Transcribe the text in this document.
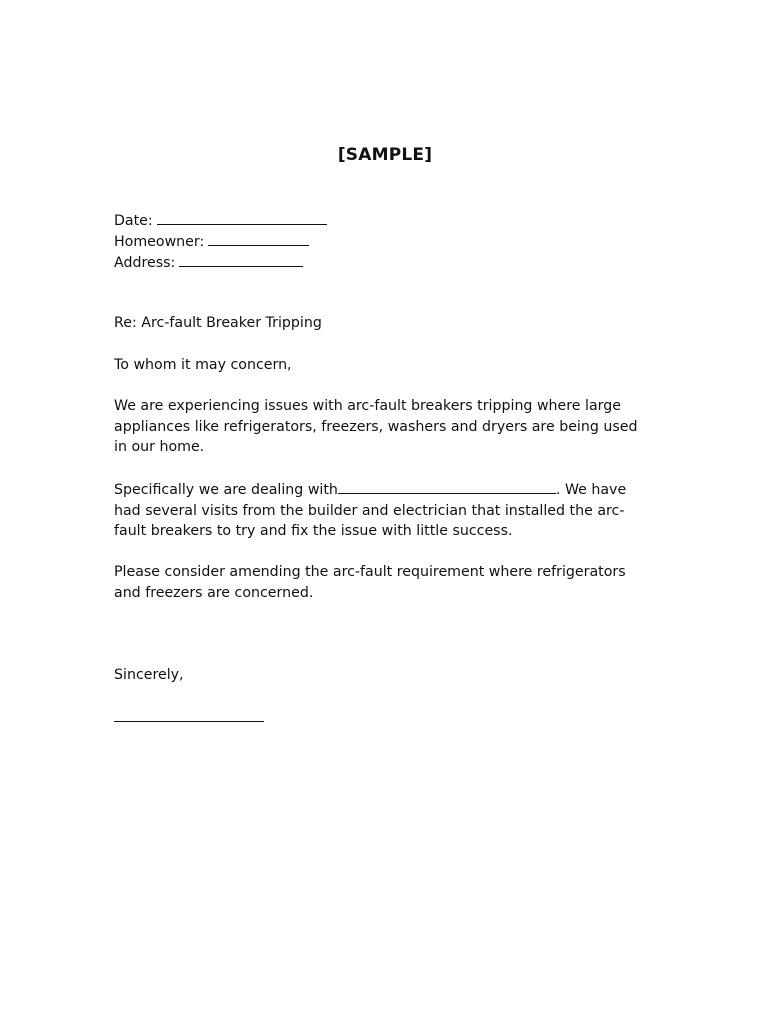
[SAMPLE]
Date:
Homeowner:
Address:
Re: Arc-fault Breaker Tripping
To whom it may concern,

We are experiencing issues with arc-fault breakers tripping where large appliances like refrigerators, freezers, washers and dryers are being used in our home.

Specifically we are dealing with	. We have had several visits from the builder and electrician that installed the arc-fault breakers to try and fix the issue with little success.

Please consider amending the arc-fault requirement where refrigerators and freezers are concerned.

Sincerely,
